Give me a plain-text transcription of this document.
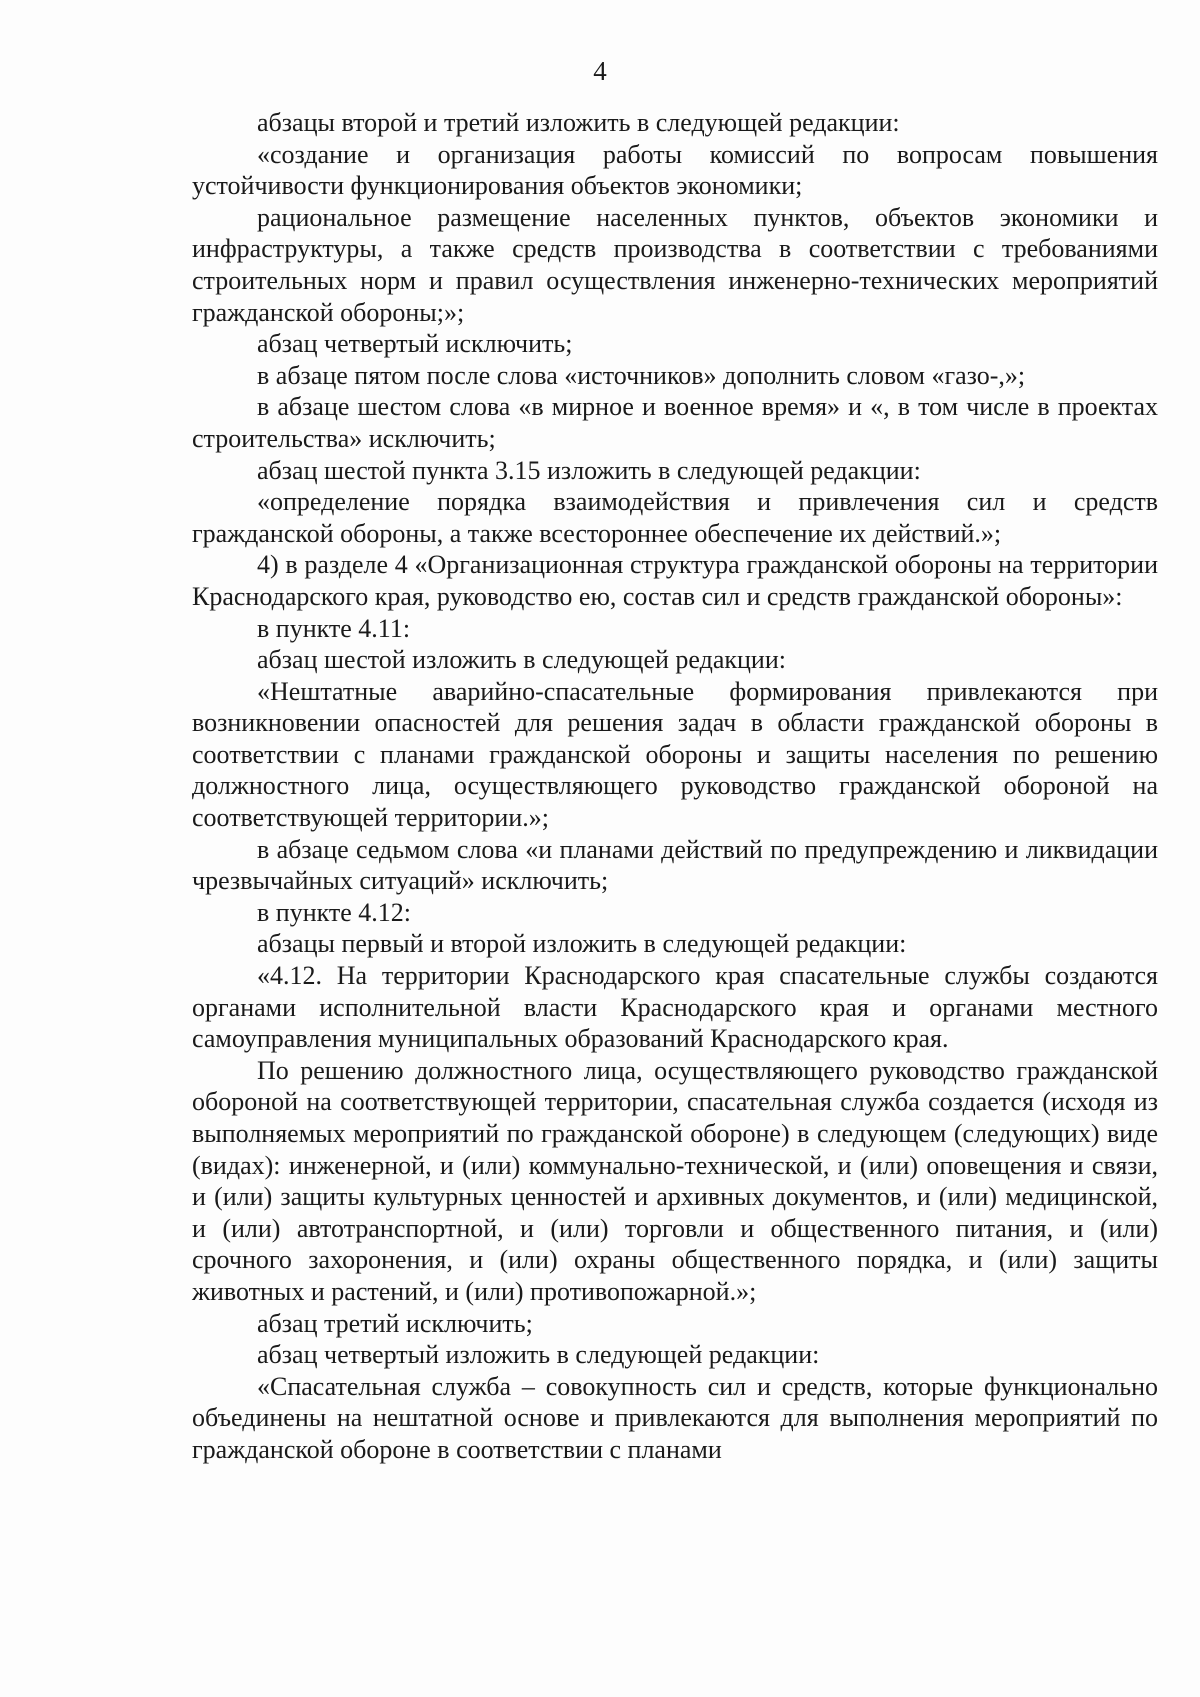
4

абзацы второй и третий изложить в следующей редакции:

«создание и организация работы комиссий по вопросам повышения устойчивости функционирования объектов экономики;

рациональное размещение населенных пунктов, объектов экономики и инфраструктуры, а также средств производства в соответствии с требованиями строительных норм и правил осуществления инженерно-технических мероприятий гражданской обороны;»;

абзац четвертый исключить;

в абзаце пятом после слова «источников» дополнить словом «газо-,»;

в абзаце шестом слова «в мирное и военное время» и «, в том числе в проектах строительства» исключить;

абзац шестой пункта 3.15 изложить в следующей редакции:

«определение порядка взаимодействия и привлечения сил и средств гражданской обороны, а также всестороннее обеспечение их действий.»;

4) в разделе 4 «Организационная структура гражданской обороны на территории Краснодарского края, руководство ею, состав сил и средств гражданской обороны»:

в пункте 4.11:

абзац шестой изложить в следующей редакции:

«Нештатные аварийно-спасательные формирования привлекаются при возникновении опасностей для решения задач в области гражданской обороны в соответствии с планами гражданской обороны и защиты населения по решению должностного лица, осуществляющего руководство гражданской обороной на соответствующей территории.»;

в абзаце седьмом слова «и планами действий по предупреждению и ликвидации чрезвычайных ситуаций» исключить;

в пункте 4.12:

абзацы первый и второй изложить в следующей редакции:

«4.12. На территории Краснодарского края спасательные службы создаются органами исполнительной власти Краснодарского края и органами местного самоуправления муниципальных образований Краснодарского края.

По решению должностного лица, осуществляющего руководство гражданской обороной на соответствующей территории, спасательная служба создается (исходя из выполняемых мероприятий по гражданской обороне) в следующем (следующих) виде (видах): инженерной, и (или) коммунально-технической, и (или) оповещения и связи, и (или) защиты культурных ценностей и архивных документов, и (или) медицинской, и (или) автотранспортной, и (или) торговли и общественного питания, и (или) срочного захоронения, и (или) охраны общественного порядка, и (или) защиты животных и растений, и (или) противопожарной.»;

абзац третий исключить;

абзац четвертый изложить в следующей редакции:

«Спасательная служба – совокупность сил и средств, которые функционально объединены на нештатной основе и привлекаются для выполнения мероприятий по гражданской обороне в соответствии с планами
